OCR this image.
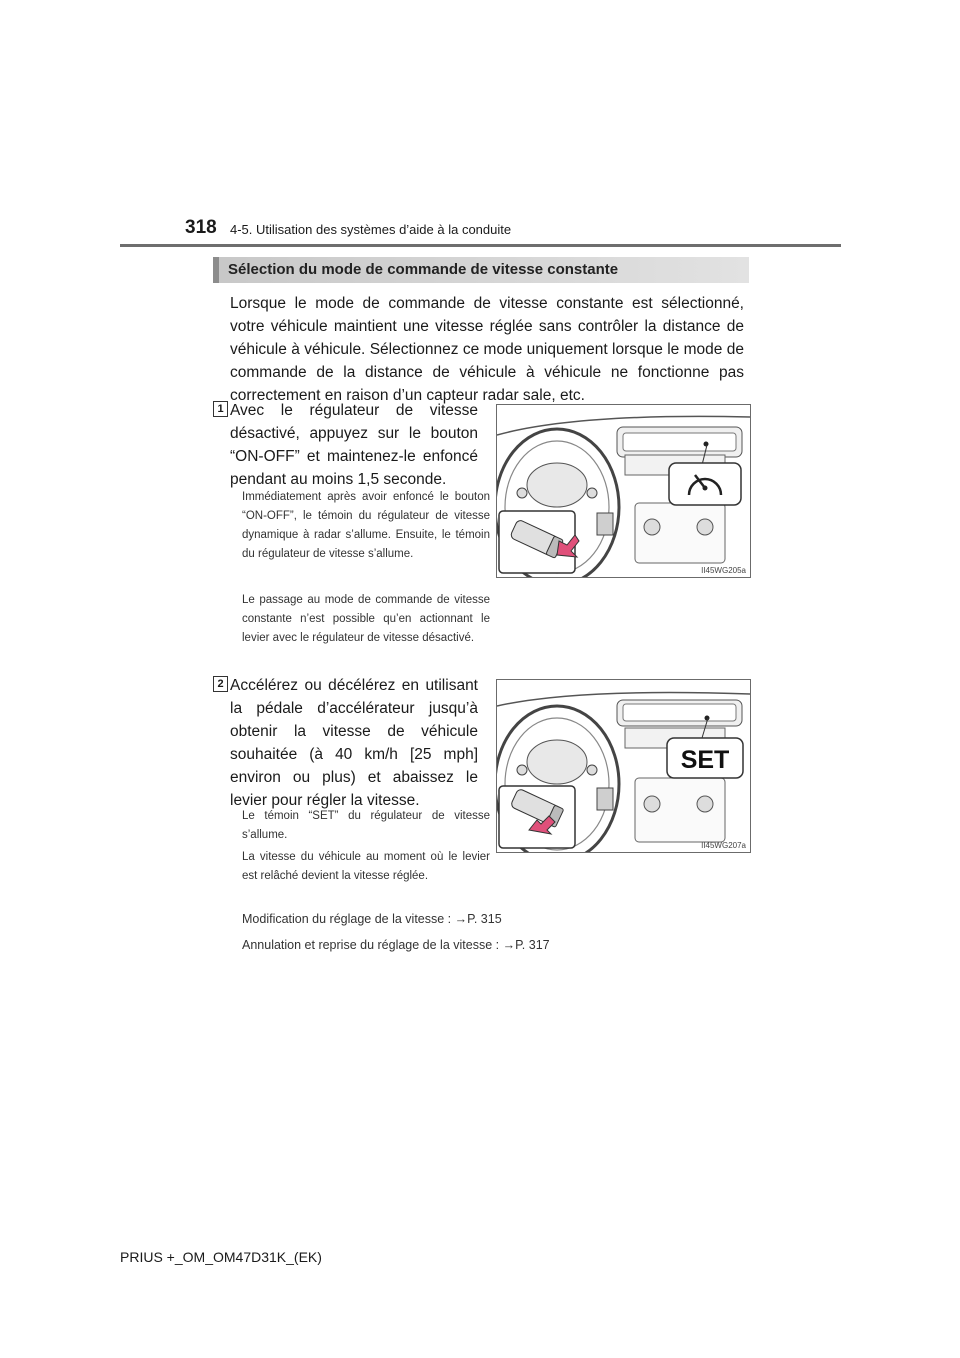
318 4-5. Utilisation des systèmes d’aide à la conduite
Sélection du mode de commande de vitesse constante
Lorsque le mode de commande de vitesse constante est sélectionné, votre véhicule maintient une vitesse réglée sans contrôler la distance de véhicule à véhicule. Sélectionnez ce mode uniquement lorsque le mode de commande de la distance de véhicule à véhicule ne fonctionne pas correctement en raison d’un capteur radar sale, etc.
1 Avec le régulateur de vitesse désactivé, appuyez sur le bouton “ON-OFF” et maintenez-le enfoncé pendant au moins 1,5 seconde.
Immédiatement après avoir enfoncé le bouton “ON-OFF”, le témoin du régulateur de vitesse dynamique à radar s’allume. Ensuite, le témoin du régulateur de vitesse s’allume.
Le passage au mode de commande de vitesse constante n’est possible qu’en actionnant le levier avec le régulateur de vitesse désactivé.
II45WG205a
2 Accélérez ou décélérez en utilisant la pédale d’accélérateur jusqu’à obtenir la vitesse de véhicule souhaitée (à 40 km/h [25 mph] environ ou plus) et abaissez le levier pour régler la vitesse.
Le témoin “SET” du régulateur de vitesse s’allume.
La vitesse du véhicule au moment où le levier est relâché devient la vitesse réglée.
SET
II45WG207a
Modification du réglage de la vitesse : →P. 315
Annulation et reprise du réglage de la vitesse : →P. 317
PRIUS +_OM_OM47D31K_(EK)
